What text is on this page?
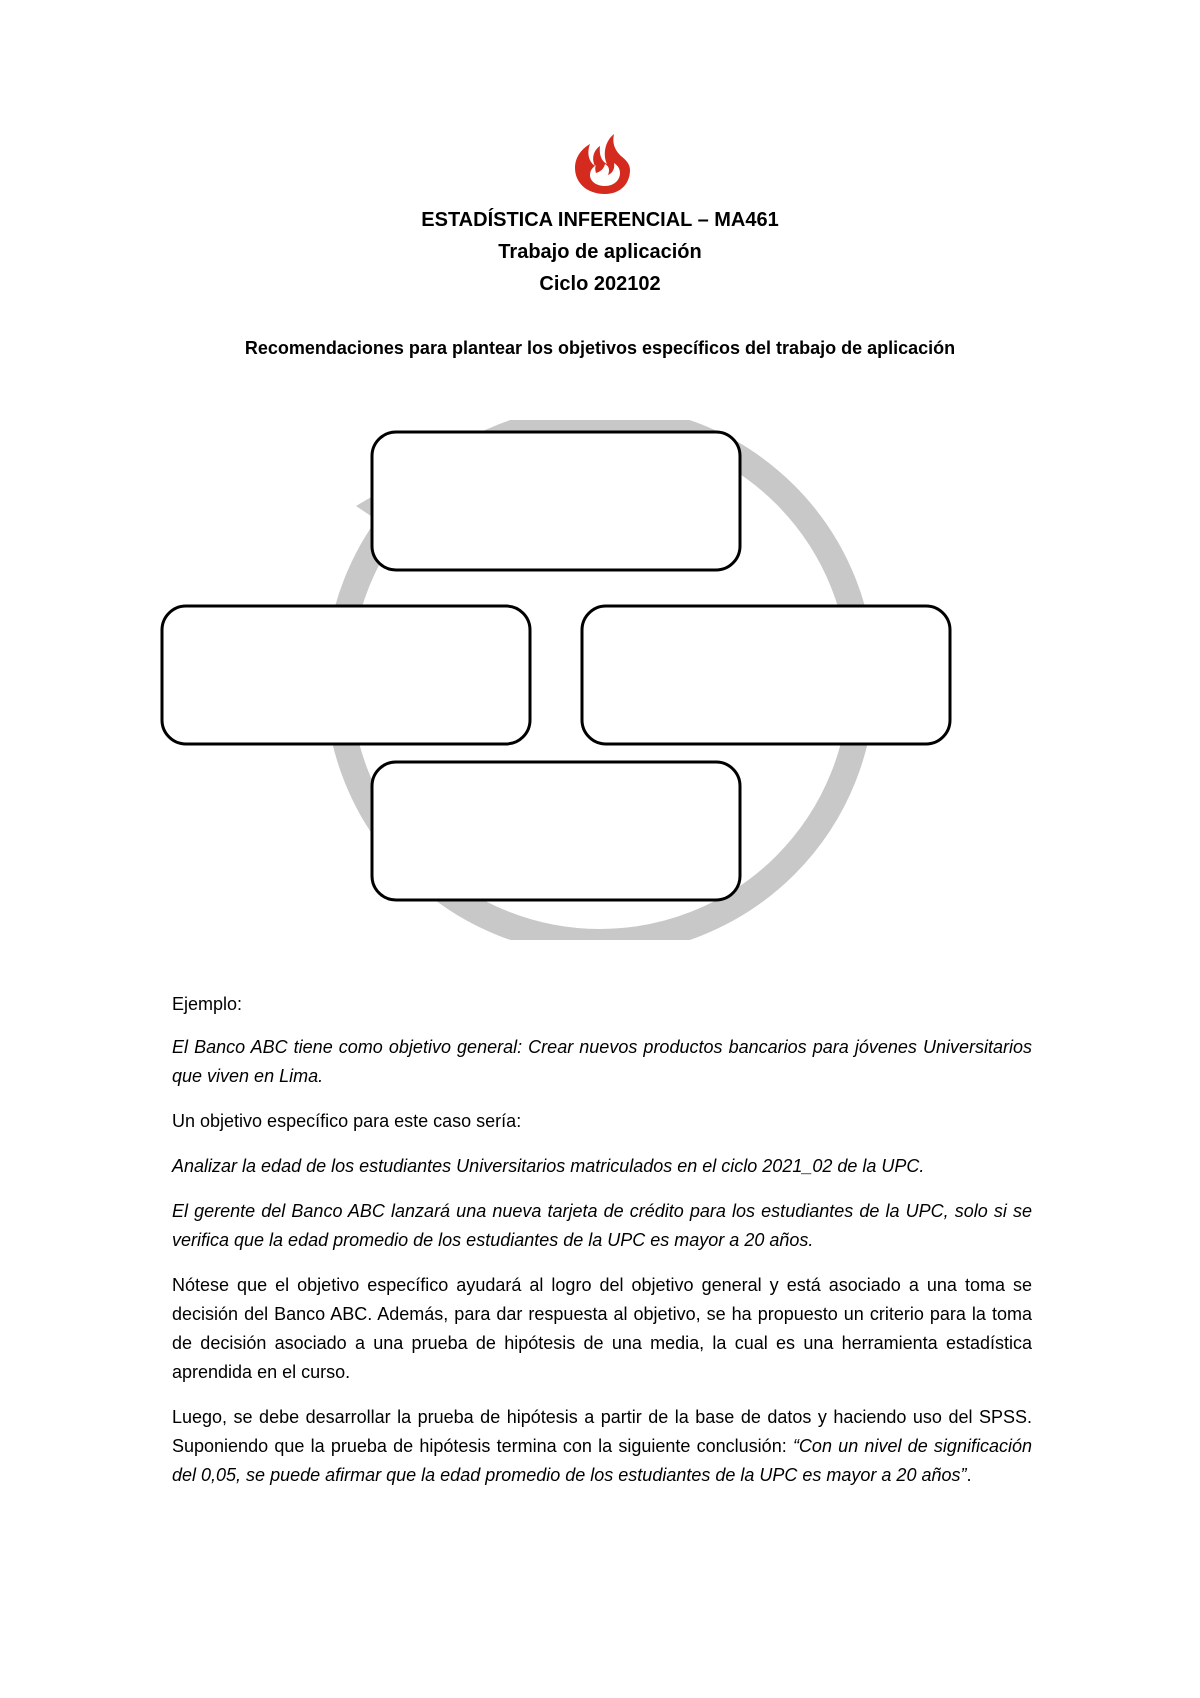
ESTADÍSTICA INFERENCIAL – MA461
Trabajo de aplicación
Ciclo 202102
Recomendaciones para plantear los objetivos específicos del trabajo de aplicación

Ejemplo:

El Banco ABC tiene como objetivo general: Crear nuevos productos bancarios para jóvenes Universitarios que viven en Lima.

Un objetivo específico para este caso sería:

Analizar la edad de los estudiantes Universitarios matriculados en el ciclo 2021_02 de la UPC.

El gerente del Banco ABC lanzará una nueva tarjeta de crédito para los estudiantes de la UPC, solo si se verifica que la edad promedio de los estudiantes de la UPC es mayor a 20 años.

Nótese que el objetivo específico ayudará al logro del objetivo general y está asociado a una toma se decisión del Banco ABC. Además, para dar respuesta al objetivo, se ha propuesto un criterio para la toma de decisión asociado a una prueba de hipótesis de una media, la cual es una herramienta estadística aprendida en el curso.

Luego, se debe desarrollar la prueba de hipótesis a partir de la base de datos y haciendo uso del SPSS. Suponiendo que la prueba de hipótesis termina con la siguiente conclusión: “Con un nivel de significación del 0,05, se puede afirmar que la edad promedio de los estudiantes de la UPC es mayor a 20 años”.
